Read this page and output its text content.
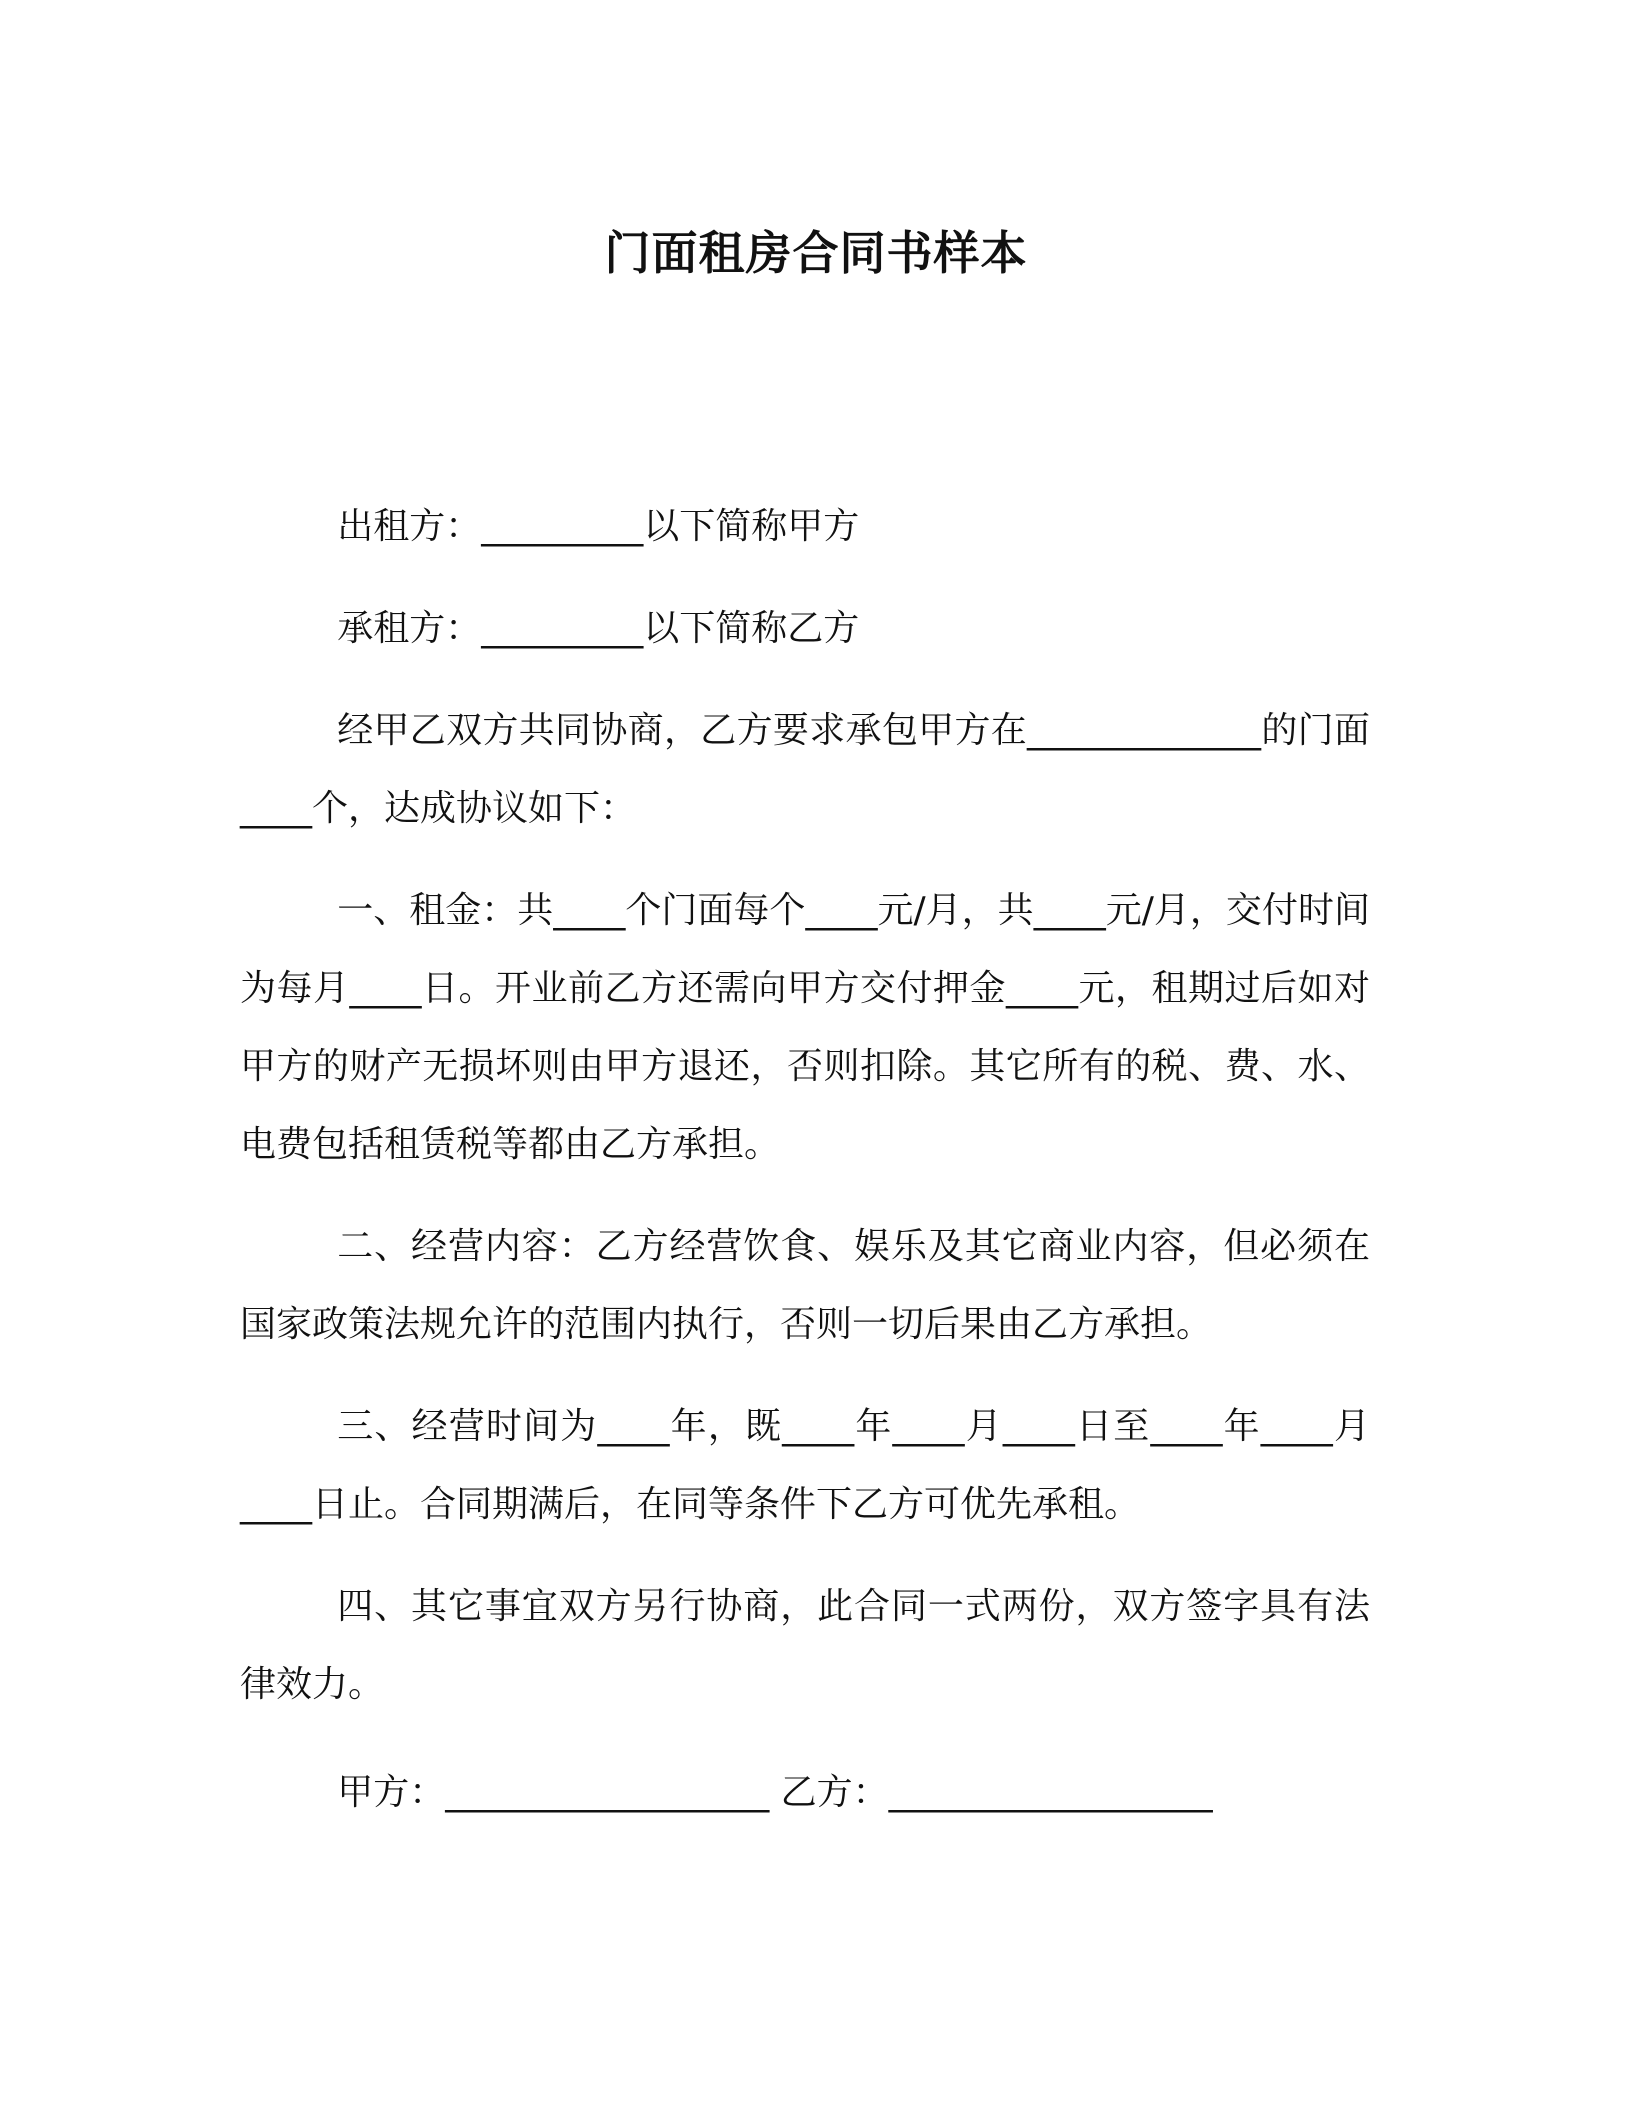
门面租房合同书样本

出租方：_________以下简称甲方

承租方：_________以下简称乙方

经甲乙双方共同协商，乙方要求承包甲方在_____________的门面____个，达成协议如下：

一、租金：共____个门面每个____元/月，共____元/月，交付时间为每月____日。开业前乙方还需向甲方交付押金____元，租期过后如对甲方的财产无损坏则由甲方退还，否则扣除。其它所有的税、费、水、电费包括租赁税等都由乙方承担。

二、经营内容：乙方经营饮食、娱乐及其它商业内容，但必须在国家政策法规允许的范围内执行，否则一切后果由乙方承担。

三、经营时间为____年，既____年____月____日至____年____月____日止。合同期满后，在同等条件下乙方可优先承租。

四、其它事宜双方另行协商，此合同一式两份，双方签字具有法律效力。

甲方：__________________ 乙方：__________________
